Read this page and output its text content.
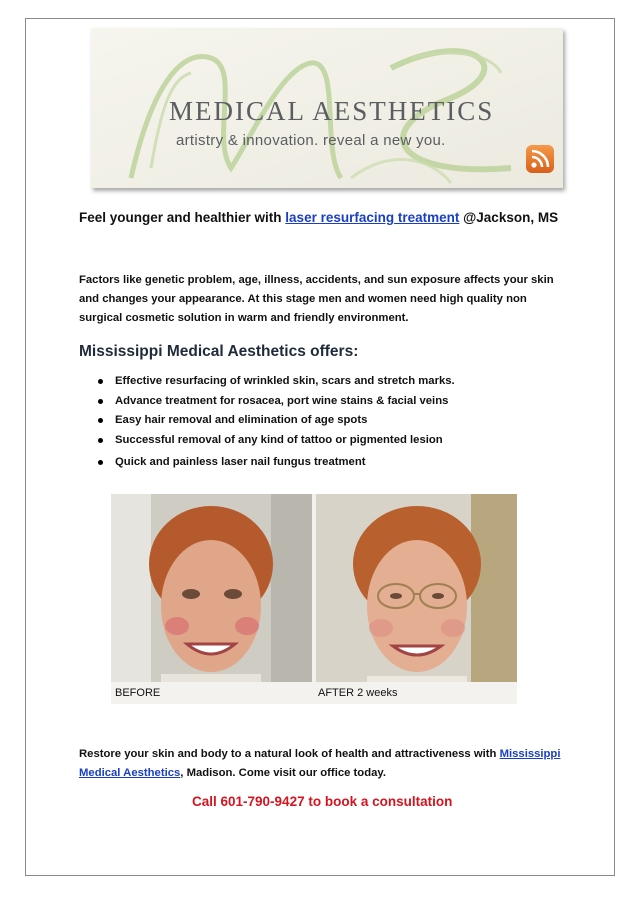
MEDICAL AESTHETICS
artistry & innovation. reveal a new you.
Feel younger and healthier with laser resurfacing treatment @Jackson, MS
Factors like genetic problem, age, illness, accidents, and sun exposure affects your skin
and changes your appearance. At this stage men and women need high quality non
surgical cosmetic solution in warm and friendly environment.
Mississippi Medical Aesthetics offers:
Effective resurfacing of wrinkled skin, scars and stretch marks.
Advance treatment for rosacea, port wine stains & facial veins
Easy hair removal and elimination of age spots
Successful removal of any kind of tattoo or pigmented lesion
Quick and painless laser nail fungus treatment
BEFORE	AFTER 2 weeks
Restore your skin and body to a natural look of health and attractiveness with Mississippi
Medical Aesthetics, Madison. Come visit our office today.
Call 601-790-9427 to book a consultation
